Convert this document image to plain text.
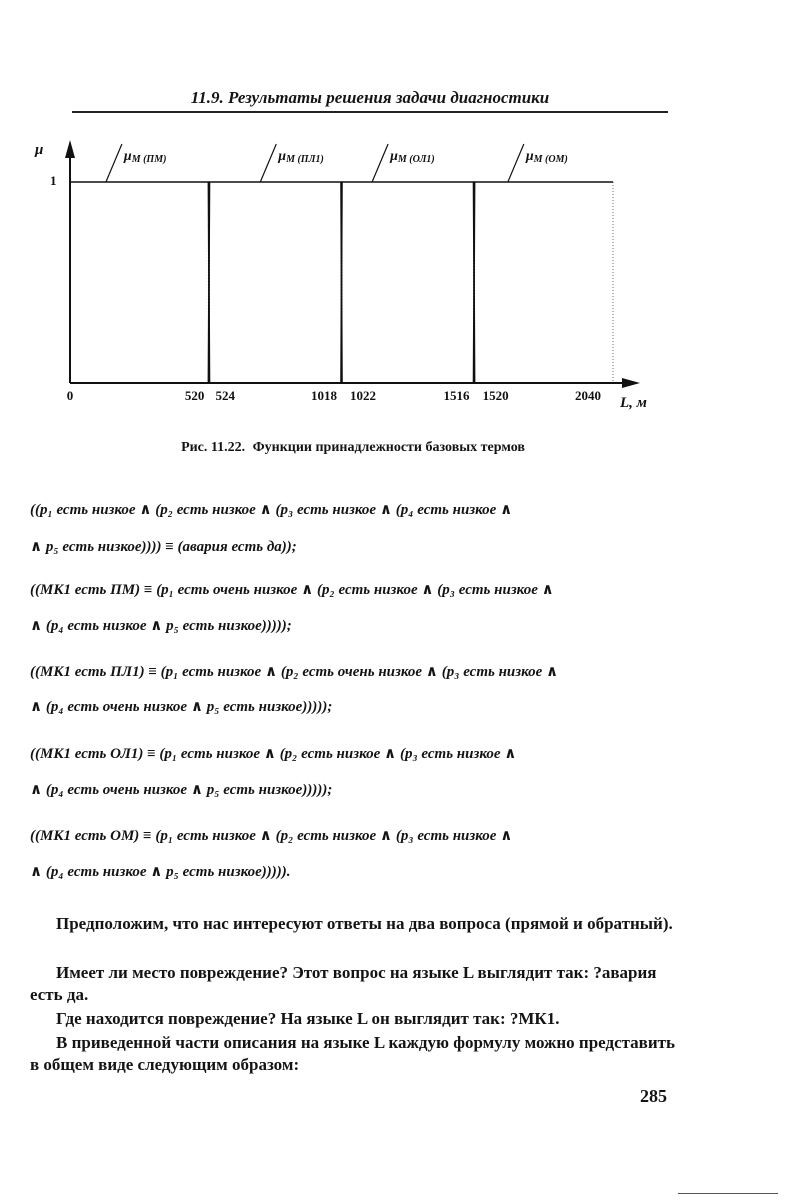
11.9. Результаты решения задачи диагностики
μ
L, м
1
0	520 524	1018 1022	1516 1520	2040
μМ (ПМ)	μМ (ПЛ1)	μМ (ОЛ1)	μМ (ОМ)
Рис. 11.22. Функции принадлежности базовых термов
((p₁ есть низкое ∧ (p₂ есть низкое ∧ (p₃ есть низкое ∧ (p₄ есть низкое ∧
∧ p₅ есть низкое)))) ≡ (авария есть да));
((МК1 есть ПМ) ≡ (p₁ есть очень низкое ∧ (p₂ есть низкое ∧ (p₃ есть низкое ∧
∧ (p₄ есть низкое ∧ p₅ есть низкое)))));
((МК1 есть ПЛ1) ≡ (p₁ есть низкое ∧ (p₂ есть очень низкое ∧ (p₃ есть низкое ∧
∧ (p₄ есть очень низкое ∧ p₅ есть низкое)))));
((МК1 есть ОЛ1) ≡ (p₁ есть низкое ∧ (p₂ есть низкое ∧ (p₃ есть низкое ∧
∧ (p₄ есть очень низкое ∧ p₅ есть низкое)))));
((МК1 есть ОМ) ≡ (p₁ есть низкое ∧ (p₂ есть низкое ∧ (p₃ есть низкое ∧
∧ (p₄ есть низкое ∧ p₅ есть низкое))))).
Предположим, что нас интересуют ответы на два вопроса (прямой и обратный).
Имеет ли место повреждение? Этот вопрос на языке L выглядит так: ?авария есть да.
Где находится повреждение? На языке L он выглядит так: ?МК1.
В приведенной части описания на языке L каждую формулу можно представить в общем виде следующим образом:
285
